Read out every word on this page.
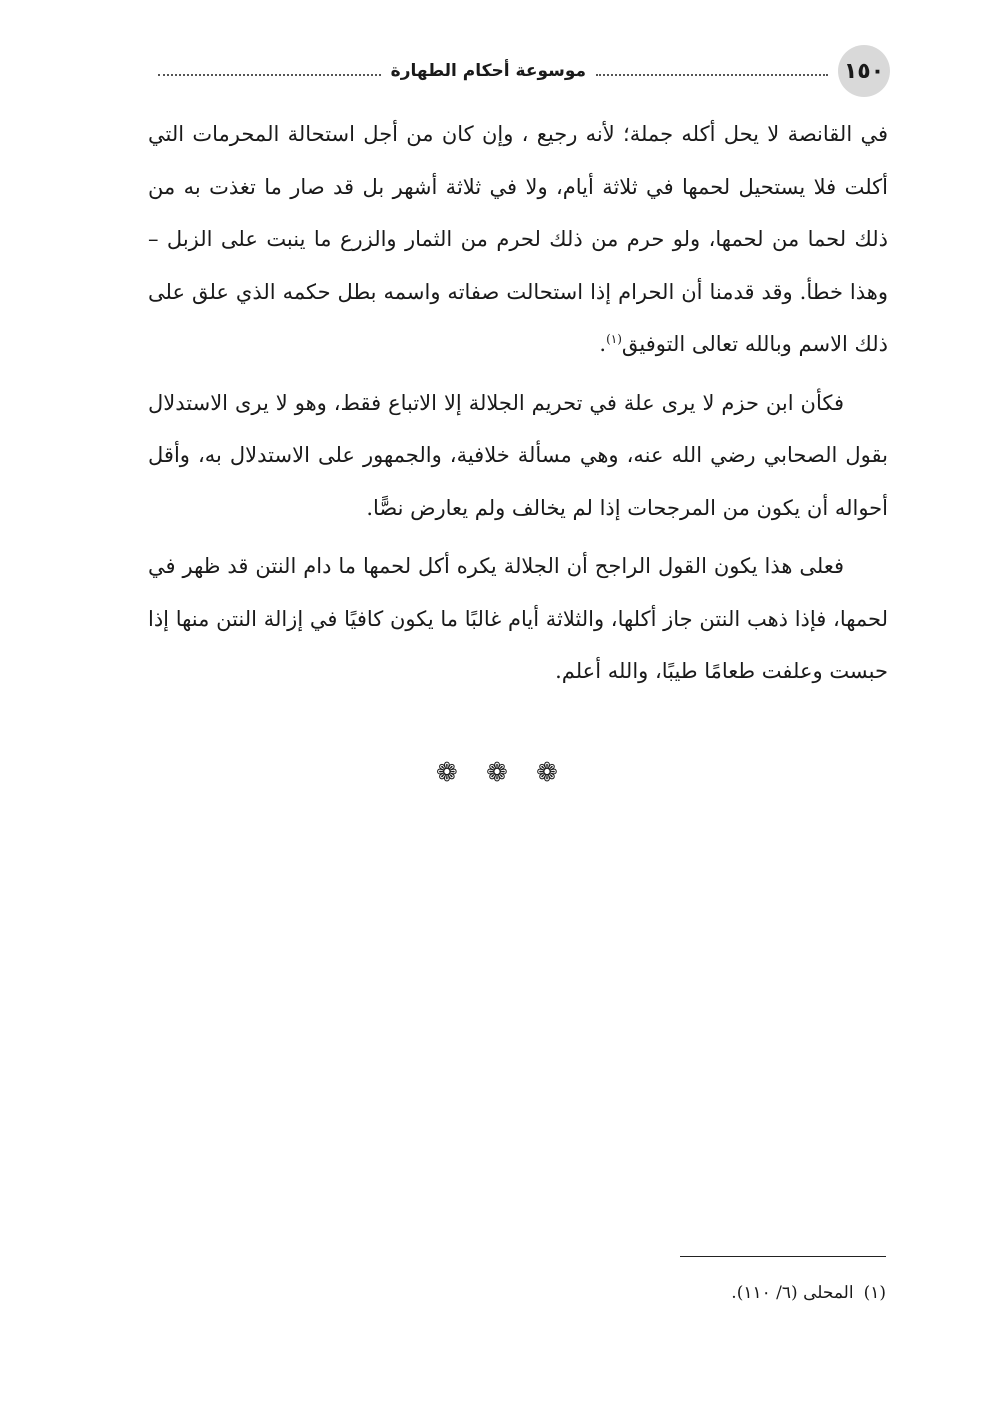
١٥٠
موسوعة أحكام الطهارة

في القانصة لا يحل أكله جملة؛ لأنه رجيع ، وإن كان من أجل استحالة المحرمات التي أكلت فلا يستحيل لحمها في ثلاثة أيام، ولا في ثلاثة أشهر بل قد صار ما تغذت به من ذلك لحما من لحمها، ولو حرم من ذلك لحرم من الثمار والزرع ما ينبت على الزبل – وهذا خطأ. وقد قدمنا أن الحرام إذا استحالت صفاته واسمه بطل حكمه الذي علق على ذلك الاسم وبالله تعالى التوفيق$^{(١)}$.

فكأن ابن حزم لا يرى علة في تحريم الجلالة إلا الاتباع فقط، وهو لا يرى الاستدلال بقول الصحابي رضي الله عنه، وهي مسألة خلافية، والجمهور على الاستدلال به، وأقل أحواله أن يكون من المرجحات إذا لم يخالف ولم يعارض نصًّا.

فعلى هذا يكون القول الراجح أن الجلالة يكره أكل لحمها ما دام النتن قد ظهر في لحمها، فإذا ذهب النتن جاز أكلها، والثلاثة أيام غالبًا ما يكون كافيًا في إزالة النتن منها إذا حبست وعلفت طعامًا طيبًا، والله أعلم.

❁ ❁ ❁
(١)المحلى (٦/ ١١٠).
